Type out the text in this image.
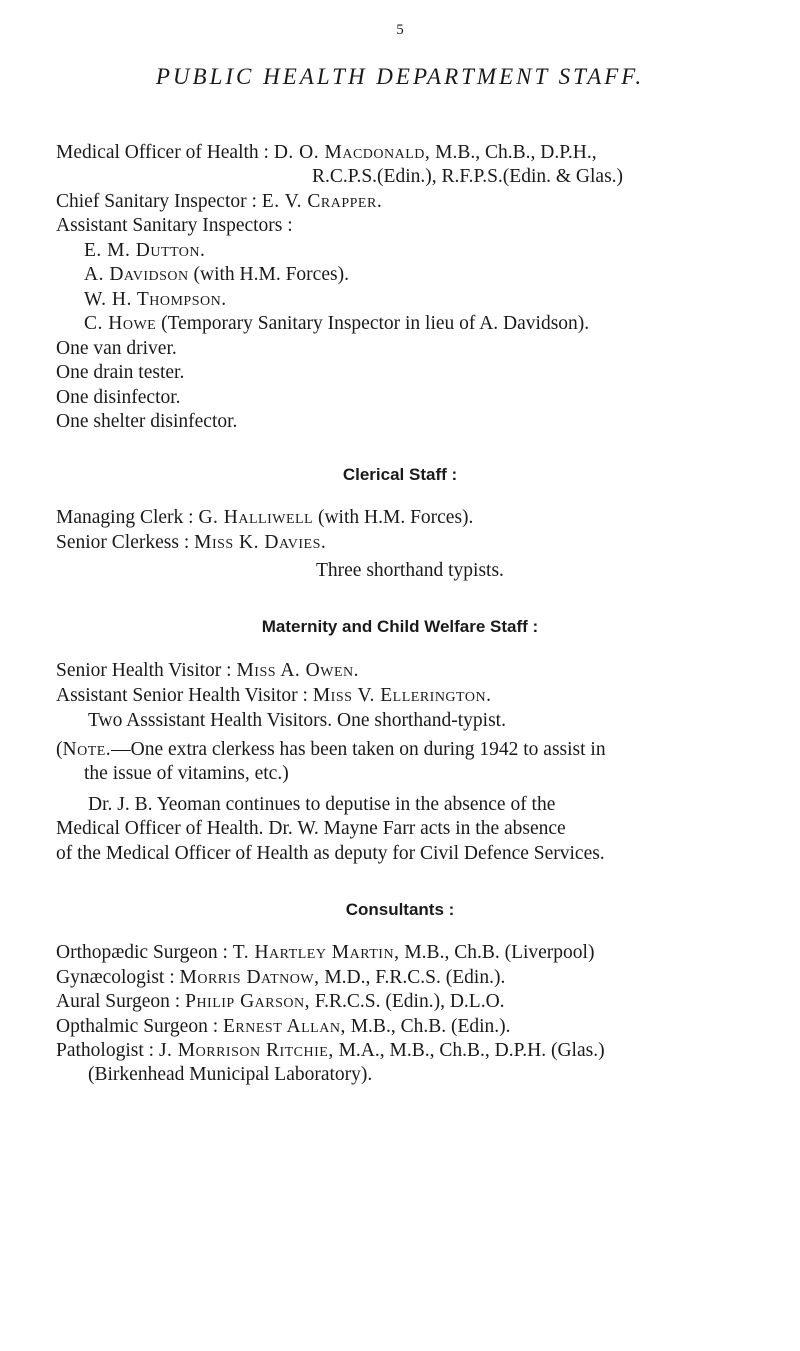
5
PUBLIC HEALTH DEPARTMENT STAFF.
Medical Officer of Health : D. O. Macdonald, M.B., Ch.B., D.P.H.,
R.C.P.S.(Edin.), R.F.P.S.(Edin. & Glas.)
Chief Sanitary Inspector : E. V. Crapper.
Assistant Sanitary Inspectors :
E. M. Dutton.
A. Davidson (with H.M. Forces).
W. H. Thompson.
C. Howe (Temporary Sanitary Inspector in lieu of A. Davidson).
One van driver.
One drain tester.
One disinfector.
One shelter disinfector.
Clerical Staff :
Managing Clerk : G. Halliwell (with H.M. Forces).
Senior Clerkess : Miss K. Davies.
Three shorthand typists.
Maternity and Child Welfare Staff :
Senior Health Visitor : Miss A. Owen.
Assistant Senior Health Visitor : Miss V. Ellerington.
Two Asssistant Health Visitors. One shorthand-typist.
(Note.—One extra clerkess has been taken on during 1942 to assist in
the issue of vitamins, etc.)
Dr. J. B. Yeoman continues to deputise in the absence of the
Medical Officer of Health. Dr. W. Mayne Farr acts in the absence
of the Medical Officer of Health as deputy for Civil Defence Services.
Consultants :
Orthopædic Surgeon : T. Hartley Martin, M.B., Ch.B. (Liverpool)
Gynæcologist : Morris Datnow, M.D., F.R.C.S. (Edin.).
Aural Surgeon : Philip Garson, F.R.C.S. (Edin.), D.L.O.
Opthalmic Surgeon : Ernest Allan, M.B., Ch.B. (Edin.).
Pathologist : J. Morrison Ritchie, M.A., M.B., Ch.B., D.P.H. (Glas.)
(Birkenhead Municipal Laboratory).
